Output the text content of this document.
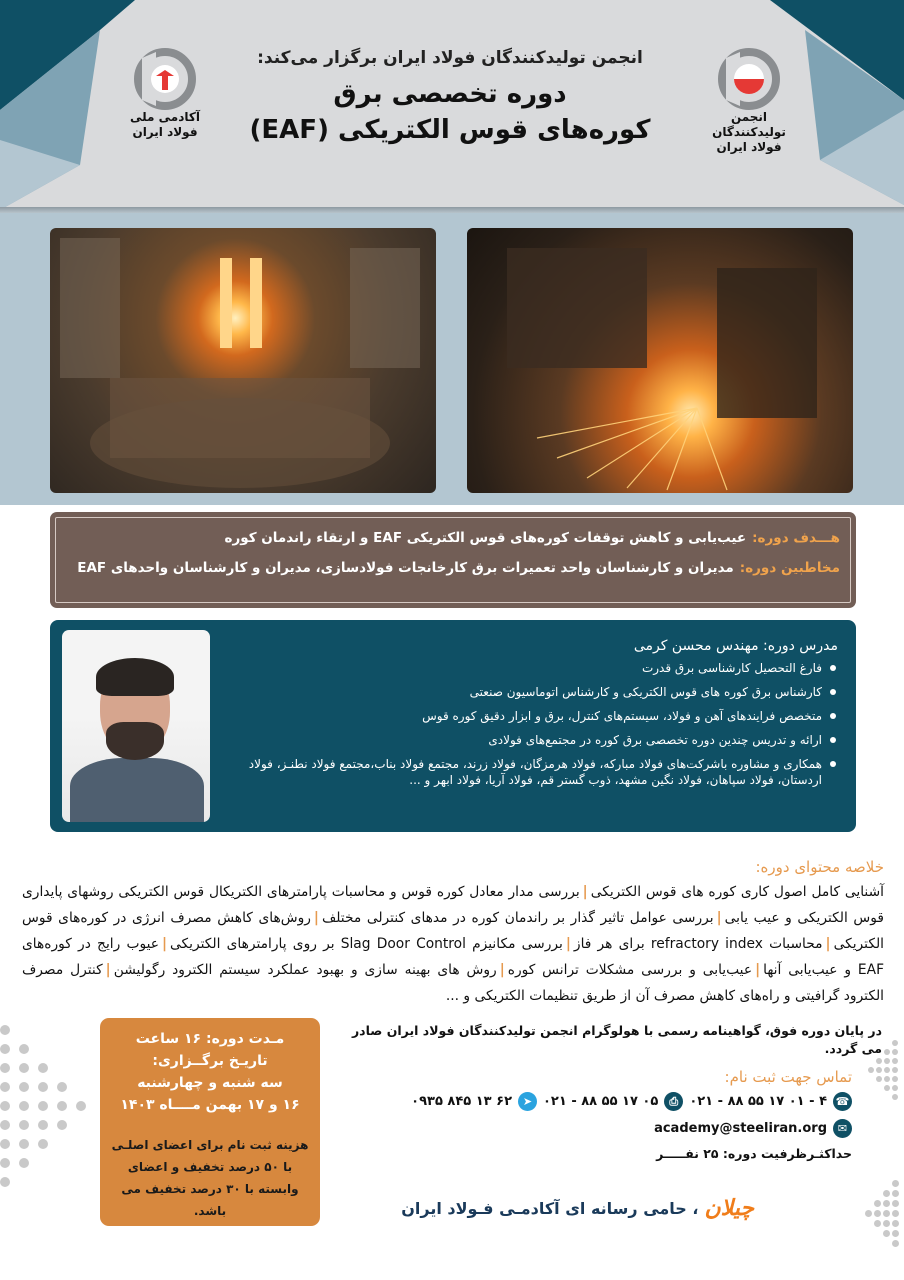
آکادمی ملی
فولاد ایران
انجمن تولیدکنندگان فولاد ایران برگزار می‌کند:
دوره تخصصی برق
کوره‌های قوس الکتریکی (EAF)	انجمن تولیدکنندگان
فولاد ایران
هـــدف دوره:عیب‌یابی و کاهش توقفات کوره‌های قوس الکتریکی EAF و ارتقاء راندمان کوره
مخاطبین دوره:مدیران و کارشناسان واحد تعمیرات برق کارخانجات فولادسازی، مدیران و کارشناسان واحدهای EAF
مدرس دوره: مهندس محسن کرمی
فارغ التحصیل کارشناسی برق قدرت
کارشناس برق کوره های قوس الکتریکی و کارشناس اتوماسیون صنعتی
متخصص فرایندهای آهن و فولاد، سیستم‌های کنترل، برق و ابزار دقیق کوره قوس
ارائه و تدریس چندین دوره تخصصی برق کوره در مجتمع‌های فولادی
همکاری و مشاوره باشرکت‌های فولاد مبارکه، فولاد هرمزگان، فولاد زرند، مجتمع فولاد بناب،مجتمع فولاد نطنـز، فولاد اردستان، فولاد سپاهان، فولاد نگین مشهد، ذوب گستر قم، فولاد آریا، فولاد ابهر و ...
خلاصه محتوای دوره:
آشنایی کامل اصول کاری کوره های قوس الکتریکی|بررسی مدار معادل کوره قوس و محاسبات پارامترهای الکتریکال قوس الکتریکی روشهای پایداری قوس الکتریکی و عیب یابی|بررسی عوامل تاثیر گذار بر راندمان کوره در مدهای کنترلی مختلف|روش‌های کاهش مصرف انرژی در کوره‌های قوس الکتریکی|محاسبات refractory index برای هر فاز|بررسی مکانیزم Slag Door Control بر روی پارامترهای الکتریکی|عیوب رایج در کوره‌های EAF و عیب‌یابی آنها|عیب‌یابی و بررسی مشکلات ترانس کوره|روش های بهینه سازی و بهبود عملکرد سیستم الکترود رگولیشن|کنترل مصرف الکترود گرافیتی و راه‌های کاهش مصرف آن از طریق تنظیمات الکتریکی و ...
در پایان دوره فوق، گواهینامه رسمی با هولوگرام انجمن تولیدکنندگان فولاد ایران صادر می گردد.
مـدت دوره: ۱۶ ساعت
تاریـخ برگــزاری:
سه شنبه و چهارشنبه
۱۶ و ۱۷ بهمن مــــاه ۱۴۰۳
هزینه ثبت نام برای اعضای اصلـی با ۵۰ درصد تخفیف و اعضای وابسته با ۳۰ درصد تخفیف می باشد.
تماس جهت ثبت نام:
☎
۰۲۱ - ۸۸ ۵۵ ۱۷ ۰۱ - ۴
⎙
۰۲۱ - ۸۸ ۵۵ ۱۷ ۰۵
➤
۰۹۳۵ ۸۴۵ ۱۳ ۶۲
✉
academy@steeliran.org
حداکثـرظرفیت دوره: ۲۵ نفـــــر
چیلان
، حامی رسانه ای آکادمـی فـولاد ایران
